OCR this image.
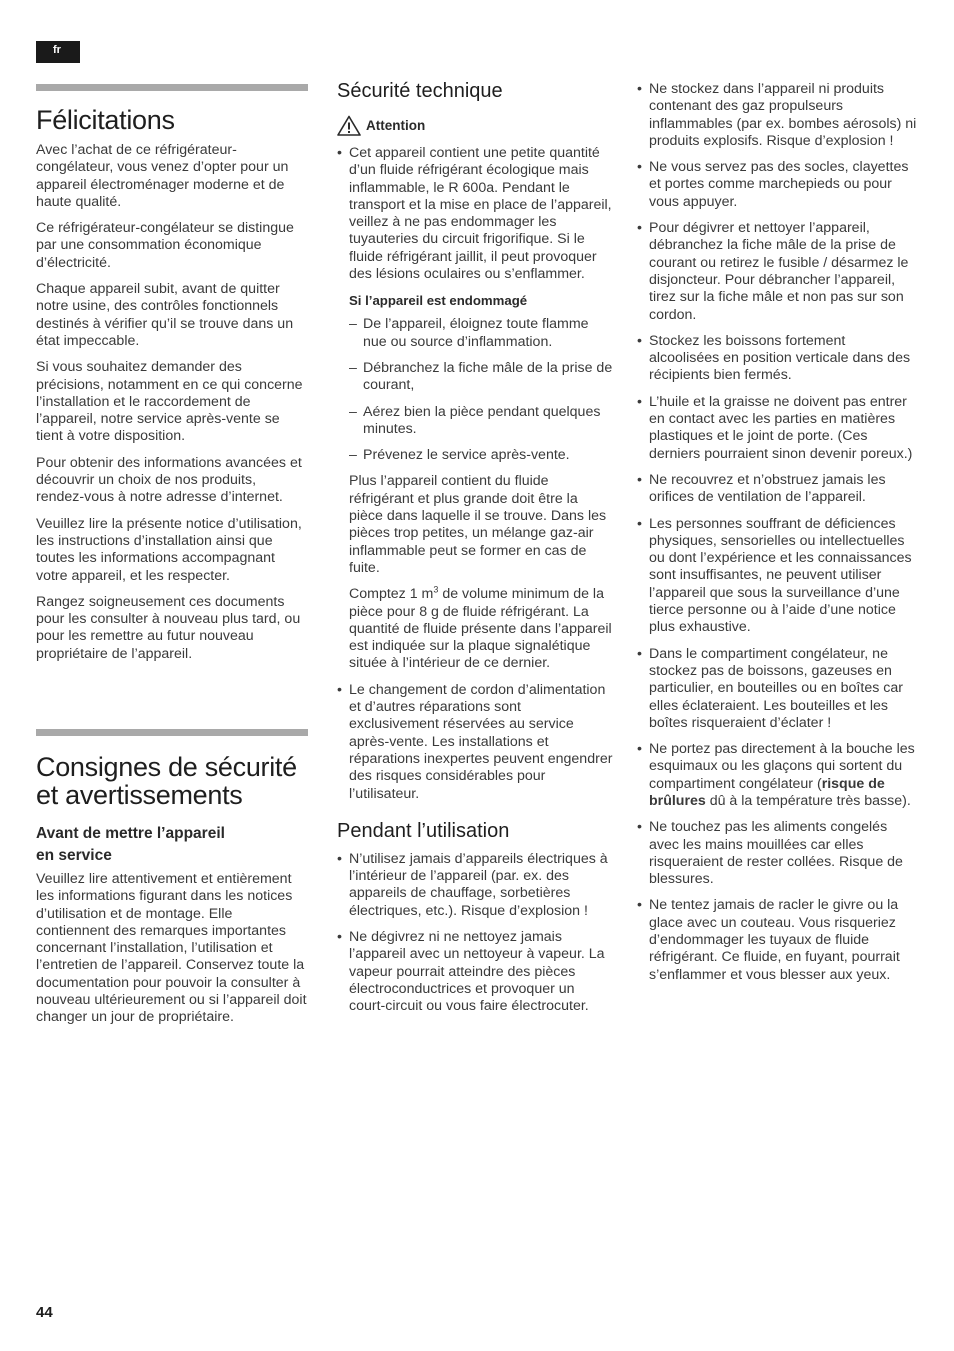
fr
Félicitations

Avec l’achat de ce réfrigérateur-congélateur, vous venez d’opter pour un appareil électroménager moderne et de haute qualité.

Ce réfrigérateur-congélateur se distingue par une consommation économique d’électricité.

Chaque appareil subit, avant de quitter notre usine, des contrôles fonctionnels destinés à vérifier qu’il se trouve dans un état impeccable.

Si vous souhaitez demander des précisions, notamment en ce qui concerne l’installation et le raccordement de l’appareil, notre service après-vente se tient à votre disposition.

Pour obtenir des informations avancées et découvrir un choix de nos produits, rendez-vous à notre adresse d’internet.

Veuillez lire la présente notice d’utilisation, les instructions d’installation ainsi que toutes les informations accompagnant votre appareil, et les respecter.

Rangez soigneusement ces documents pour les consulter à nouveau plus tard, ou pour les remettre au futur nouveau propriétaire de l’appareil.

Consignes de sécurité
et avertissements
Avant de mettre l’appareil
en service

Veuillez lire attentivement et entièrement les informations figurant dans les notices d’utilisation et de montage. Elle contiennent des remarques importantes concernant l’installation, l’utilisation et l’entretien de l’appareil. Conservez toute la documentation pour pouvoir la consulter à nouveau ultérieurement ou si l’appareil doit changer un jour de propriétaire.

Sécurité technique
Attention
• Cet appareil contient une petite quantité d’un fluide réfrigérant écologique mais inflammable, le R 600a. Pendant le transport et la mise en place de l’appareil, veillez à ne pas endommager les tuyauteries du circuit frigorifique. Si le fluide réfrigérant jaillit, il peut provoquer des lésions oculaires ou s’enflammer.
Si l’appareil est endommagé
– De l’appareil, éloignez toute flamme nue ou source d’inflammation.
– Débranchez la fiche mâle de la prise de courant,
– Aérez bien la pièce pendant quelques minutes.
– Prévenez le service après-vente.

Plus l’appareil contient du fluide réfrigérant et plus grande doit être la pièce dans laquelle il se trouve. Dans les pièces trop petites, un mélange gaz-air inflammable peut se former en cas de fuite.

Comptez 1 $m^3$ de volume minimum de la pièce pour 8 g de fluide réfrigérant. La quantité de fluide présente dans l’appareil est indiquée sur la plaque signalétique située à l’intérieur de ce dernier.

• Le changement de cordon d’alimentation et d’autres réparations sont exclusivement réservées au service après-vente. Les installations et réparations inexpertes peuvent engendrer des risques considérables pour l’utilisateur.
Pendant l’utilisation
• N’utilisez jamais d’appareils électriques à l’intérieur de l’appareil (par. ex. des appareils de chauffage, sorbetières électriques, etc.). Risque d’explosion !
• Ne dégivrez ni ne nettoyez jamais l’appareil avec un nettoyeur à vapeur. La vapeur pourrait atteindre des pièces électroconductrices et provoquer un court-circuit ou vous faire électrocuter.
• Ne stockez dans l’appareil ni produits contenant des gaz propulseurs inflammables (par ex. bombes aérosols) ni produits explosifs. Risque d’explosion !
• Ne vous servez pas des socles, clayettes et portes comme marchepieds ou pour vous appuyer.
• Pour dégivrer et nettoyer l’appareil, débranchez la fiche mâle de la prise de courant ou retirez le fusible / désarmez le disjoncteur. Pour débrancher l’appareil, tirez sur la fiche mâle et non pas sur son cordon.
• Stockez les boissons fortement alcoolisées en position verticale dans des récipients bien fermés.
• L’huile et la graisse ne doivent pas entrer en contact avec les parties en matières plastiques et le joint de porte. (Ces derniers pourraient sinon devenir poreux.)
• Ne recouvrez et n’obstruez jamais les orifices de ventilation de l’appareil.
• Les personnes souffrant de déficiences physiques, sensorielles ou intellectuelles ou dont l’expérience et les connaissances sont insuffisantes, ne peuvent utiliser l’appareil que sous la surveillance d’une tierce personne ou à l’aide d’une notice plus exhaustive.
• Dans le compartiment congélateur, ne stockez pas de boissons, gazeuses en particulier, en bouteilles ou en boîtes car elles éclateraient. Les bouteilles et les boîtes risqueraient d’éclater !
• Ne portez pas directement à la bouche les esquimaux ou les glaçons qui sortent du compartiment congélateur (risque de brûlures dû à la température très basse).
• Ne touchez pas les aliments congelés avec les mains mouillées car elles risqueraient de rester collées. Risque de blessures.
• Ne tentez jamais de racler le givre ou la glace avec un couteau. Vous risqueriez d’endommager les tuyaux de fluide réfrigérant. Ce fluide, en fuyant, pourrait s’enflammer et vous blesser aux yeux.
44
